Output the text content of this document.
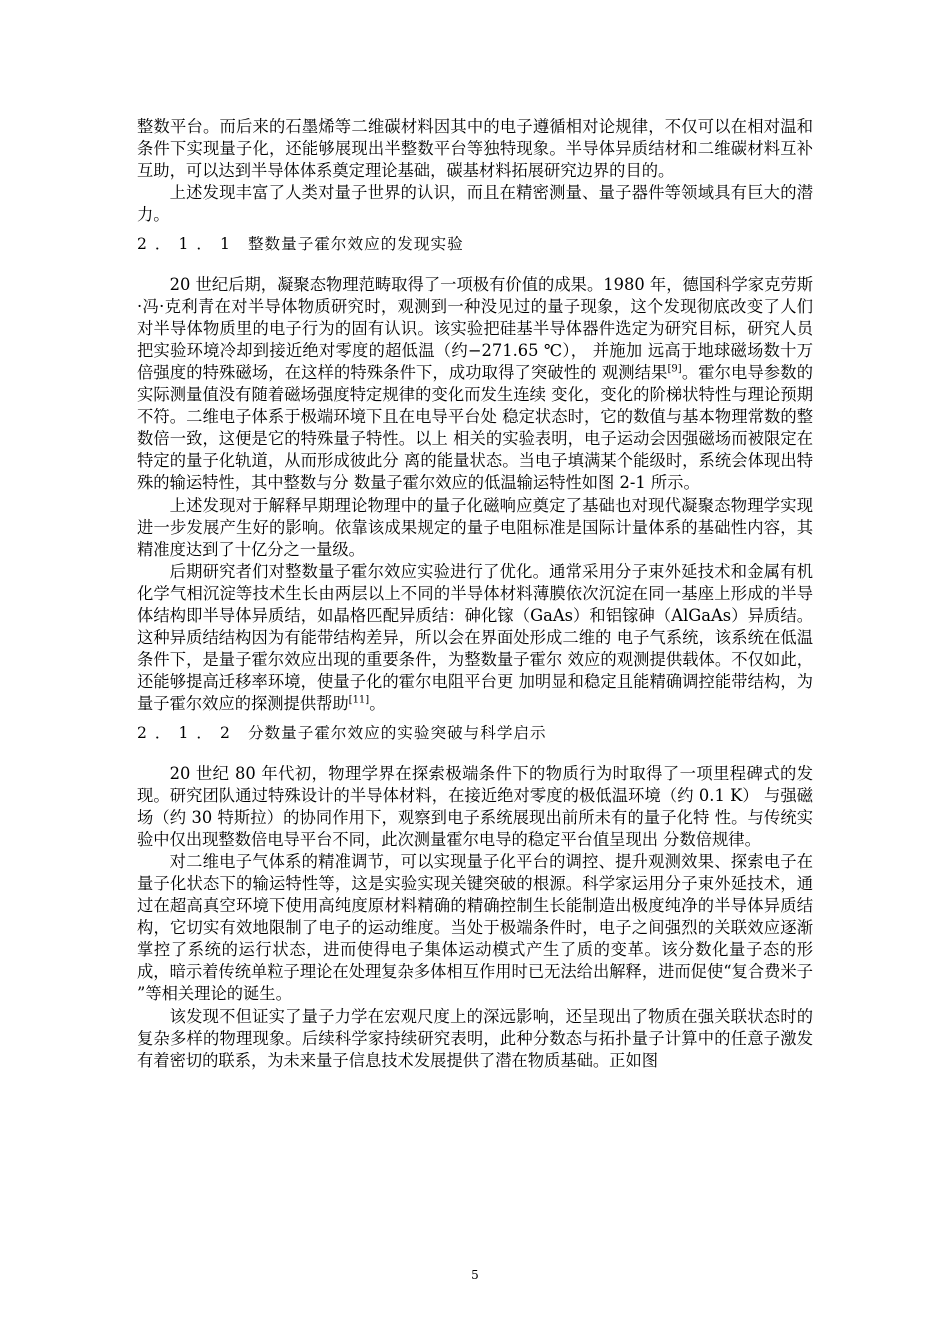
整数平台。而后来的石墨烯等二维碳材料因其中的电子遵循相对论规律，不仅可以在相对温和条件下实现量子化，还能够展现出半整数平台等独特现象。半导体异质结材和二维碳材料互补互助，可以达到半导体体系奠定理论基础，碳基材料拓展研究边界的目的。

上述发现丰富了人类对量子世界的认识，而且在精密测量、量子器件等领域具有巨大的潜力。

2．1．1 整数量子霍尔效应的发现实验

20 世纪后期，凝聚态物理范畴取得了一项极有价值的成果。1980 年，德国科学家克劳斯·冯·克利青在对半导体物质研究时，观测到一种没见过的量子现象，这个发现彻底改变了人们对半导体物质里的电子行为的固有认识。该实验把硅基半导体器件选定为研究目标，研究人员把实验环境冷却到接近绝对零度的超低温（约−271.65 ℃）， 并施加 远高于地球磁场数十万倍强度的特殊磁场，在这样的特殊条件下，成功取得了突破性的 观测结果[9]。霍尔电导参数的实际测量值没有随着磁场强度特定规律的变化而发生连续 变化，变化的阶梯状特性与理论预期不符。二维电子体系于极端环境下且在电导平台处 稳定状态时，它的数值与基本物理常数的整数倍一致，这便是它的特殊量子特性。以上 相关的实验表明，电子运动会因强磁场而被限定在特定的量子化轨道，从而形成彼此分 离的能量状态。当电子填满某个能级时，系统会体现出特殊的输运特性，其中整数与分 数量子霍尔效应的低温输运特性如图 2-1 所示。

上述发现对于解释早期理论物理中的量子化磁响应奠定了基础也对现代凝聚态物理学实现进一步发展产生好的影响。依靠该成果规定的量子电阻标准是国际计量体系的基础性内容，其精准度达到了十亿分之一量级。

后期研究者们对整数量子霍尔效应实验进行了优化。通常采用分子束外延技术和金属有机化学气相沉淀等技术生长由两层以上不同的半导体材料薄膜依次沉淀在同一基座上形成的半导体结构即半导体异质结，如晶格匹配异质结：砷化镓（GaAs）和铝镓砷（AlGaAs）异质结。这种异质结结构因为有能带结构差异，所以会在界面处形成二维的 电子气系统，该系统在低温条件下，是量子霍尔效应出现的重要条件，为整数量子霍尔 效应的观测提供载体。不仅如此，还能够提高迁移率环境，使量子化的霍尔电阻平台更 加明显和稳定且能精确调控能带结构，为量子霍尔效应的探测提供帮助[11]。

2．1．2 分数量子霍尔效应的实验突破与科学启示

20 世纪 80 年代初，物理学界在探索极端条件下的物质行为时取得了一项里程碑式的发现。研究团队通过特殊设计的半导体材料，在接近绝对零度的极低温环境（约 0.1 K） 与强磁场（约 30 特斯拉）的协同作用下，观察到电子系统展现出前所未有的量子化特 性。与传统实验中仅出现整数倍电导平台不同，此次测量霍尔电导的稳定平台值呈现出 分数倍规律。

对二维电子气体系的精准调节，可以实现量子化平台的调控、提升观测效果、探索电子在量子化状态下的输运特性等，这是实验实现关键突破的根源。科学家运用分子束外延技术，通过在超高真空环境下使用高纯度原材料精确的精确控制生长能制造出极度纯净的半导体异质结构，它切实有效地限制了电子的运动维度。当处于极端条件时，电子之间强烈的关联效应逐渐掌控了系统的运行状态，进而使得电子集体运动模式产生了质的变革。该分数化量子态的形成，暗示着传统单粒子理论在处理复杂多体相互作用时已无法给出解释，进而促使“复合费米子 ”等相关理论的诞生。

该发现不但证实了量子力学在宏观尺度上的深远影响，还呈现出了物质在强关联状态时的复杂多样的物理现象。后续科学家持续研究表明，此种分数态与拓扑量子计算中的任意子激发有着密切的联系，为未来量子信息技术发展提供了潜在物质基础。正如图

5
